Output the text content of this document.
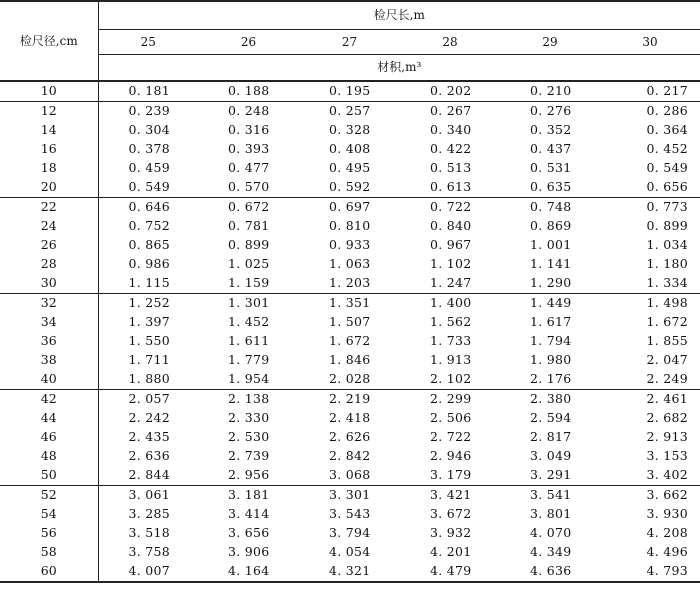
检尺径,cm	检尺长,m					
	25	26	27	28	29	30
	材积,m³					
10	0. 181	0. 188	0. 195	0. 202	0. 210	0. 217
12	0. 239	0. 248	0. 257	0. 267	0. 276	0. 286
14	0. 304	0. 316	0. 328	0. 340	0. 352	0. 364
16	0. 378	0. 393	0. 408	0. 422	0. 437	0. 452
18	0. 459	0. 477	0. 495	0. 513	0. 531	0. 549
20	0. 549	0. 570	0. 592	0. 613	0. 635	0. 656
22	0. 646	0. 672	0. 697	0. 722	0. 748	0. 773
24	0. 752	0. 781	0. 810	0. 840	0. 869	0. 899
26	0. 865	0. 899	0. 933	0. 967	1. 001	1. 034
28	0. 986	1. 025	1. 063	1. 102	1. 141	1. 180
30	1. 115	1. 159	1. 203	1. 247	1. 290	1. 334
32	1. 252	1. 301	1. 351	1. 400	1. 449	1. 498
34	1. 397	1. 452	1. 507	1. 562	1. 617	1. 672
36	1. 550	1. 611	1. 672	1. 733	1. 794	1. 855
38	1. 711	1. 779	1. 846	1. 913	1. 980	2. 047
40	1. 880	1. 954	2. 028	2. 102	2. 176	2. 249
42	2. 057	2. 138	2. 219	2. 299	2. 380	2. 461
44	2. 242	2. 330	2. 418	2. 506	2. 594	2. 682
46	2. 435	2. 530	2. 626	2. 722	2. 817	2. 913
48	2. 636	2. 739	2. 842	2. 946	3. 049	3. 153
50	2. 844	2. 956	3. 068	3. 179	3. 291	3. 402
52	3. 061	3. 181	3. 301	3. 421	3. 541	3. 662
54	3. 285	3. 414	3. 543	3. 672	3. 801	3. 930
56	3. 518	3. 656	3. 794	3. 932	4. 070	4. 208
58	3. 758	3. 906	4. 054	4. 201	4. 349	4. 496
60	4. 007	4. 164	4. 321	4. 479	4. 636	4. 793
